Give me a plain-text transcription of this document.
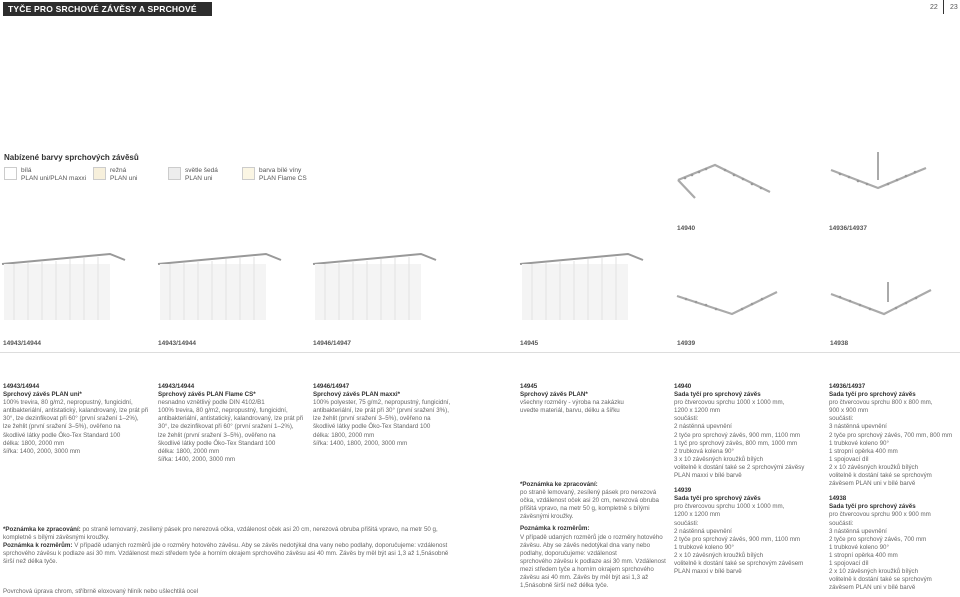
TYČE PRO SRCHOVÉ ZÁVĚSY A SPRCHOVÉ ZÁVĚSY
22 23
Nabízené barvy sprchových závěsů
bílá
PLAN uni/PLAN maxxi
režná
PLAN uni
světle šedá
PLAN uni
barva bílé víny
PLAN Flame CS
14940	14936/14937
14943/14944	14943/14944	14946/14947	14945	14939	14938
14943/14944
Sprchový závěs PLAN uni*
100% trevira, 80 g/m2, nepropustný, fungicidní,
antibakteriální, antistatický, kalandrovaný, lze prát při
30°, lze dezinfikovat při 60° (první sražení 1–2%),
lze žehlit (první sražení 3–5%), ověřeno na
škodlivé látky podle Öko-Tex Standard 100
délka: 1800, 2000 mm
šířka: 1400, 2000, 3000 mm
14943/14944
Sprchový závěs PLAN Flame CS*
nesnadno vznětlivý podle DIN 4102/B1
100% trevira, 80 g/m2, nepropustný, fungicidní,
antibakteriální, antistatický, kalandrovaný, lze prát při
30°, lze dezinfikovat při 60° (první sražení 1–2%),
lze žehlit (první sražení 3–5%), ověřeno na
škodlivé látky podle Öko-Tex Standard 100
délka: 1800, 2000 mm
šířka: 1400, 2000, 3000 mm
14946/14947
Sprchový závěs PLAN maxxi*
100% polyester, 75 g/m2, nepropustný, fungicidní,
antibakteriální, lze prát při 30° (první sražení 3%),
lze žehlit (první sražení 3–5%), ověřeno na
škodlivé látky podle Öko-Tex Standard 100
délka: 1800, 2000 mm
šířka: 1400, 1800, 2000, 3000 mm
14945
Sprchový závěs PLAN*
všechny rozměry - výroba na zakázku
uvedte materiál, barvu, délku a šířku
*Poznámka ke zpracování:
po straně lemovaný, zesílený pásek pro nerezová
očka, vzdálenost oček asi 20 cm, nerezová obruba
přišitá vpravo, na metr 50 g, kompletně s bílými
závěsnými kroužky.
Poznámka k rozměrům:
V případě udaných rozměrů jde o rozměry hotového
závěsu. Aby se závěs nedotýkal dna vany nebo
podlahy, doporučujeme: vzdálenost
sprchového závěsu k podlaze asi 30 mm. Vzdálenost
mezi středem tyče a horním okrajem sprchového
závěsu asi 40 mm. Závěs by měl být asi 1,3 až
1,5násobně širší než délka tyče.
14940
Sada tyčí pro sprchový závěs
pro čtvercovou sprchu 1000 x 1000 mm,
1200 x 1200 mm
součásti:
2 nástěnná upevnění
2 tyče pro sprchový závěs, 900 mm, 1100 mm
1 tyč pro sprchový závěs, 800 mm, 1000 mm
2 trubková kolena 90°
3 x 10 závěsných kroužků bílých
volitelně k dostání také se 2 sprchovými závěsy
PLAN maxxi v bílé barvě
14939
Sada tyčí pro sprchový závěs
pro čtvercovou sprchu 1000 x 1000 mm,
1200 x 1200 mm
součásti:
2 nástěnná upevnění
2 tyče pro sprchový závěs, 900 mm, 1100 mm
1 trubkové koleno 90°
2 x 10 závěsných kroužků bílých
volitelně k dostání také se sprchovým závěsem
PLAN maxxi v bílé barvě
14936/14937
Sada tyčí pro sprchový závěs
pro čtvercovou sprchu 800 x 800 mm,
900 x 900 mm
součásti:
3 nástěnná upevnění
2 tyče pro sprchový závěs, 700 mm, 800 mm
1 trubkové koleno 90°
1 stropní opěrka 400 mm
1 spojovací díl
2 x 10 závěsných kroužků bílých
volitelně k dostání také se sprchovým
závěsem PLAN uni v bílé barvě
14938
Sada tyčí pro sprchový závěs
pro čtvercovou sprchu 900 x 900 mm
součásti:
3 nástěnná upevnění
2 tyče pro sprchový závěs, 700 mm
1 trubkové koleno 90°
1 stropní opěrka 400 mm
1 spojovací díl
2 x 10 závěsných kroužků bílých
volitelně k dostání také se sprchovým
závěsem PLAN uni v bílé barvě
*Poznámka ke zpracování: po straně lemovaný, zesílený pásek pro nerezová očka, vzdálenost oček asi 20 cm, nerezová obruba přišitá vpravo, na metr 50 g,
kompletně s bílými závěsnými kroužky.
Poznámka k rozměrům: V případě udaných rozměrů jde o rozměry hotového závěsu. Aby se závěs nedotýkal dna vany nebo podlahy, doporučujeme: vzdálenost
sprchového závěsu k podlaze asi 30 mm. Vzdálenost mezi středem tyče a horním okrajem sprchového závěsu asi 40 mm. Závěs by měl být asi 1,3 až 1,5násobně
širší než délka tyče.
Povrchová úprava chrom, stříbrně eloxovaný hliník nebo ušlechtilá ocel
